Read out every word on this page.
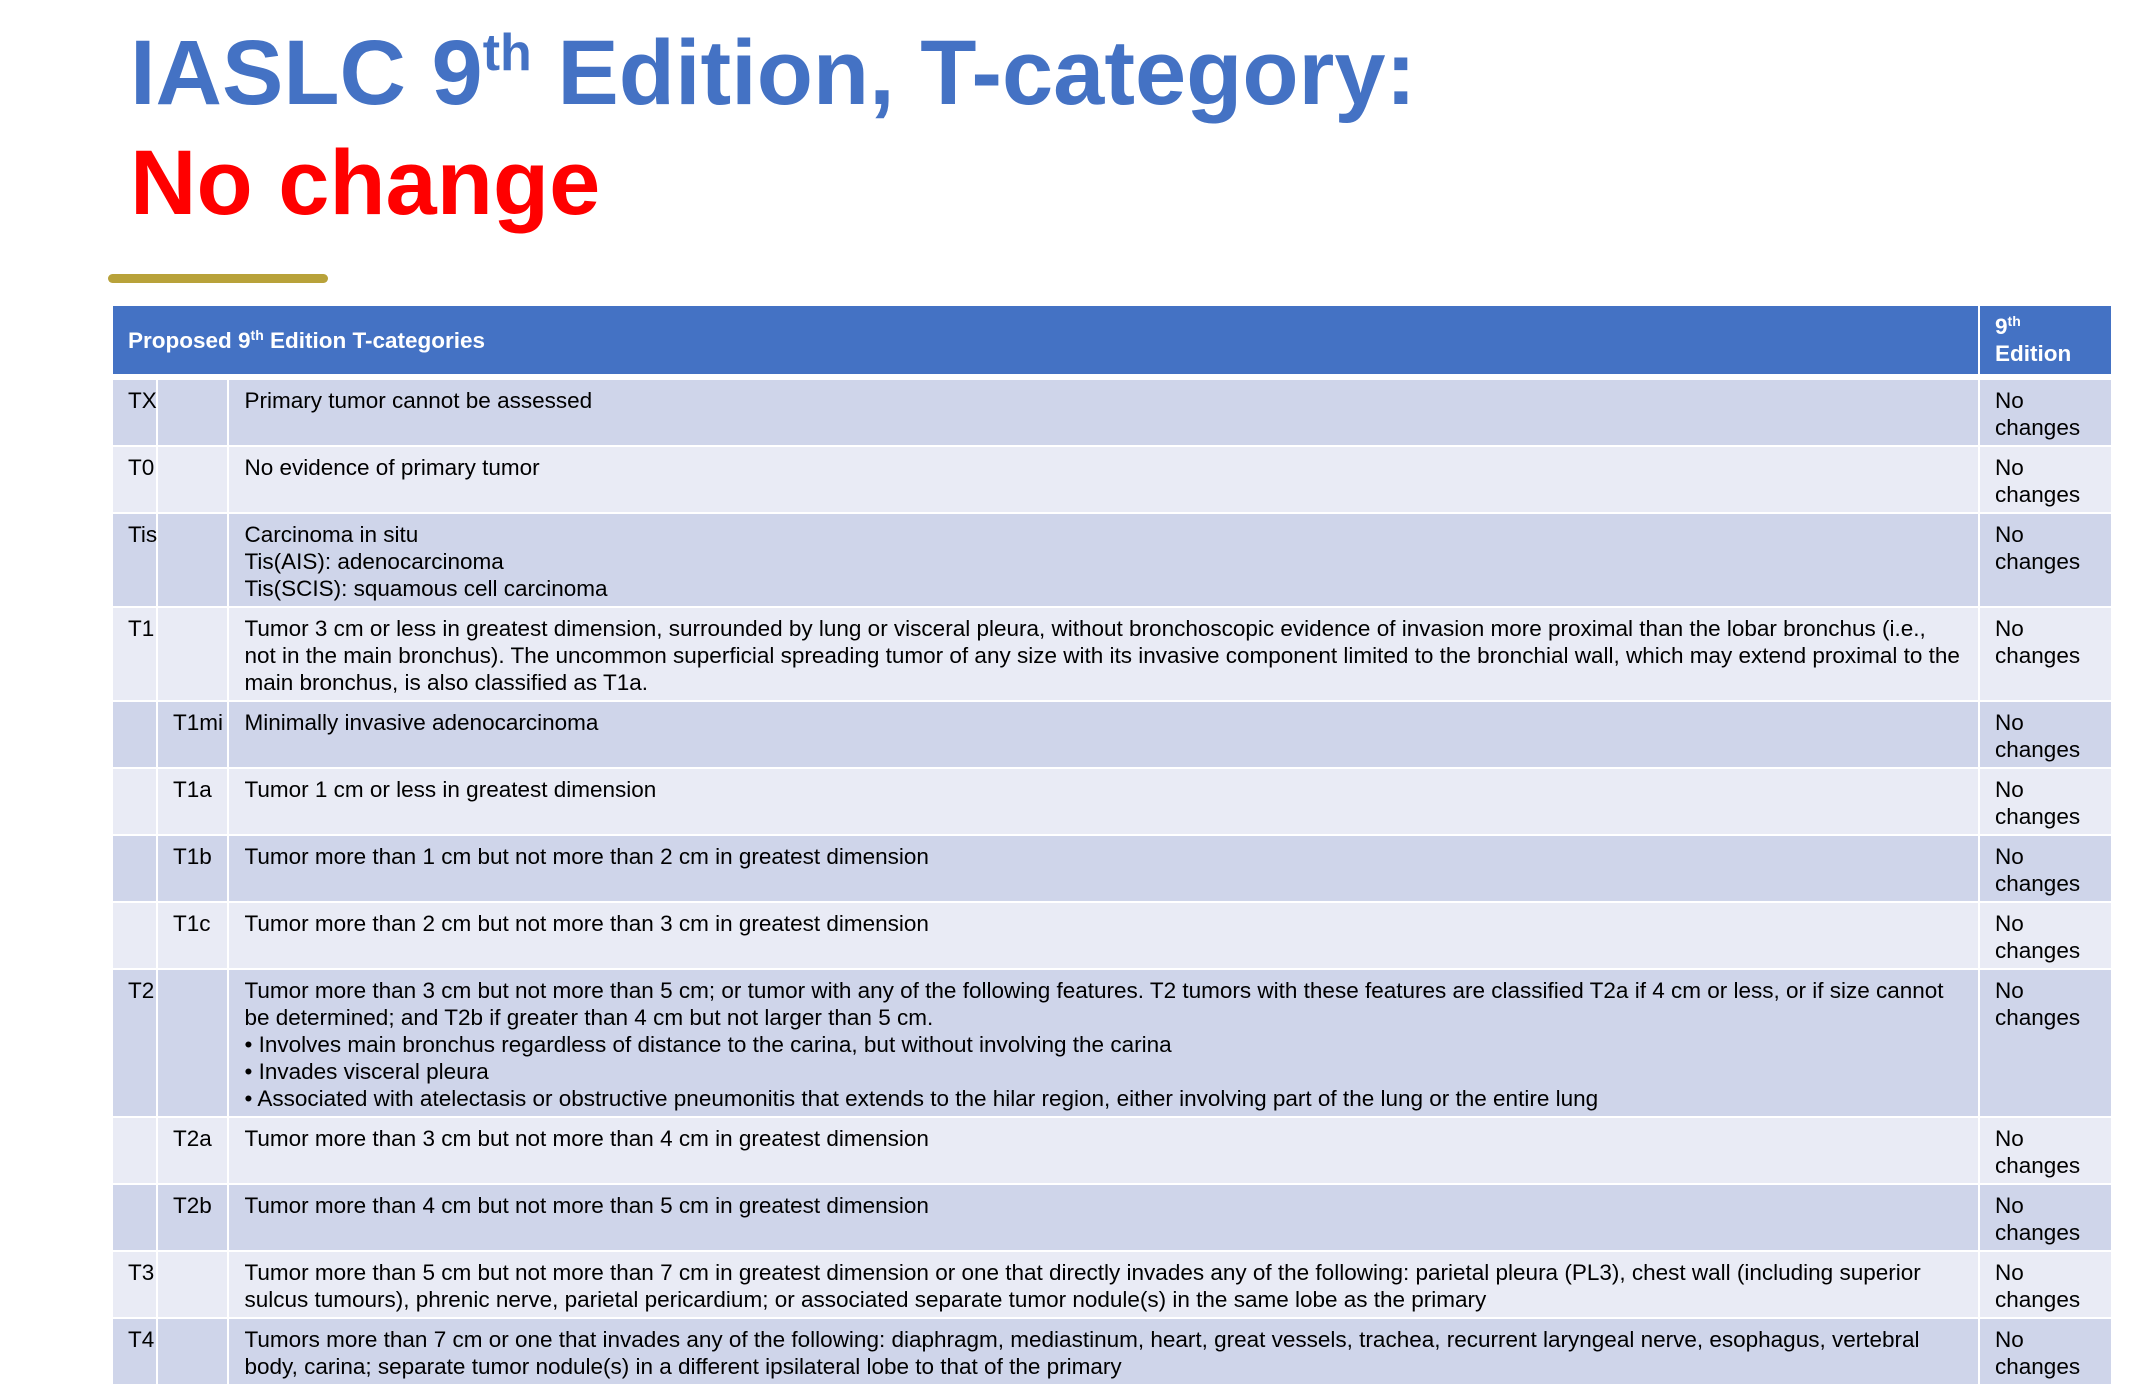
IASLC 9th Edition, T-category:
No change
Proposed 9th Edition T-categories			9th Edition
TX		Primary tumor cannot be assessed	No changes
T0		No evidence of primary tumor	No changes
Tis		Carcinoma in situ
Tis(AIS): adenocarcinoma
Tis(SCIS): squamous cell carcinoma	No changes
T1		Tumor 3 cm or less in greatest dimension, surrounded by lung or visceral pleura, without bronchoscopic evidence of invasion more proximal than the lobar bronchus (i.e., not in the main bronchus). The uncommon superficial spreading tumor of any size with its invasive component limited to the bronchial wall, which may extend proximal to the main bronchus, is also classified as T1a.	No changes
	T1mi	Minimally invasive adenocarcinoma	No changes
	T1a	Tumor 1 cm or less in greatest dimension	No changes
	T1b	Tumor more than 1 cm but not more than 2 cm in greatest dimension	No changes
	T1c	Tumor more than 2 cm but not more than 3 cm in greatest dimension	No changes
T2		Tumor more than 3 cm but not more than 5 cm; or tumor with any of the following features. T2 tumors with these features are classified T2a if 4 cm or less, or if size cannot be determined; and T2b if greater than 4 cm but not larger than 5 cm.
• Involves main bronchus regardless of distance to the carina, but without involving the carina
• Invades visceral pleura
• Associated with atelectasis or obstructive pneumonitis that extends to the hilar region, either involving part of the lung or the entire lung	No changes
	T2a	Tumor more than 3 cm but not more than 4 cm in greatest dimension	No changes
	T2b	Tumor more than 4 cm but not more than 5 cm in greatest dimension	No changes
T3		Tumor more than 5 cm but not more than 7 cm in greatest dimension or one that directly invades any of the following: parietal pleura (PL3), chest wall (including superior sulcus tumours), phrenic nerve, parietal pericardium; or associated separate tumor nodule(s) in the same lobe as the primary	No changes
T4		Tumors more than 7 cm or one that invades any of the following: diaphragm, mediastinum, heart, great vessels, trachea, recurrent laryngeal nerve, esophagus, vertebral body, carina; separate tumor nodule(s) in a different ipsilateral lobe to that of the primary	No changes
